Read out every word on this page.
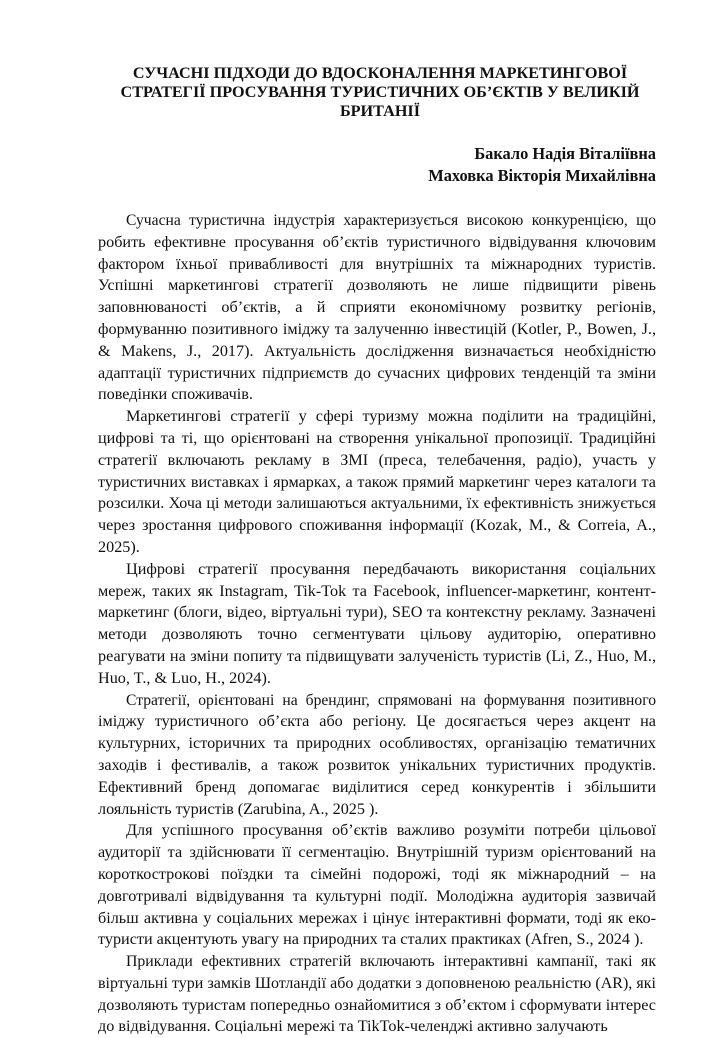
СУЧАСНІ ПІДХОДИ ДО ВДОСКОНАЛЕННЯ МАРКЕТИНГОВОЇ
СТРАТЕГІЇ ПРОСУВАННЯ ТУРИСТИЧНИХ ОБ’ЄКТІВ У ВЕЛИКІЙ
БРИТАНІЇ
Бакало Надія Віталіївна
Маховка Вікторія Михайлівна

Сучасна туристична індустрія характеризується високою конкуренцією, що
робить ефективне просування об’єктів туристичного відвідування ключовим
фактором їхньої привабливості для внутрішніх та міжнародних туристів.
Успішні маркетингові стратегії дозволяють не лише підвищити рівень
заповнюваності об’єктів, а й сприяти економічному розвитку регіонів,
формуванню позитивного іміджу та залученню інвестицій (Kotler, P., Bowen, J.,
& Makens, J., 2017). Актуальність дослідження визначається необхідністю
адаптації туристичних підприємств до сучасних цифрових тенденцій та зміни
поведінки споживачів.

Маркетингові стратегії у сфері туризму можна поділити на традиційні,
цифрові та ті, що орієнтовані на створення унікальної пропозиції. Традиційні
стратегії включають рекламу в ЗМІ (преса, телебачення, радіо), участь у
туристичних виставках і ярмарках, а також прямий маркетинг через каталоги та
розсилки. Хоча ці методи залишаються актуальними, їх ефективність знижується
через зростання цифрового споживання інформації (Kozak, M., & Correia, A.,
2025).

Цифрові стратегії просування передбачають використання соціальних
мереж, таких як Instagram, Tik-Tok та Facebook, influencer-маркетинг, контент-
маркетинг (блоги, відео, віртуальні тури), SEO та контекстну рекламу. Зазначені
методи дозволяють точно сегментувати цільову аудиторію, оперативно
реагувати на зміни попиту та підвищувати залученість туристів (Li, Z., Huo, M.,
Huo, T., & Luo, H., 2024).

Стратегії, орієнтовані на брендинг, спрямовані на формування позитивного
іміджу туристичного об’єкта або регіону. Це досягається через акцент на
культурних, історичних та природних особливостях, організацію тематичних
заходів і фестивалів, а також розвиток унікальних туристичних продуктів.
Ефективний бренд допомагає виділитися серед конкурентів і збільшити
лояльність туристів (Zarubina, A., 2025 ).

Для успішного просування об’єктів важливо розуміти потреби цільової
аудиторії та здійснювати її сегментацію. Внутрішній туризм орієнтований на
короткострокові поїздки та сімейні подорожі, тоді як міжнародний – на
довготривалі відвідування та культурні події. Молодіжна аудиторія зазвичай
більш активна у соціальних мережах і цінує інтерактивні формати, тоді як еко-
туристи акцентують увагу на природних та сталих практиках (Afren, S., 2024 ).

Приклади ефективних стратегій включають інтерактивні кампанії, такі як
віртуальні тури замків Шотландії або додатки з доповненою реальністю (AR), які
дозволяють туристам попередньо ознайомитися з об’єктом і сформувати інтерес
до відвідування. Соціальні мережі та TikTok-челенджі активно залучають
